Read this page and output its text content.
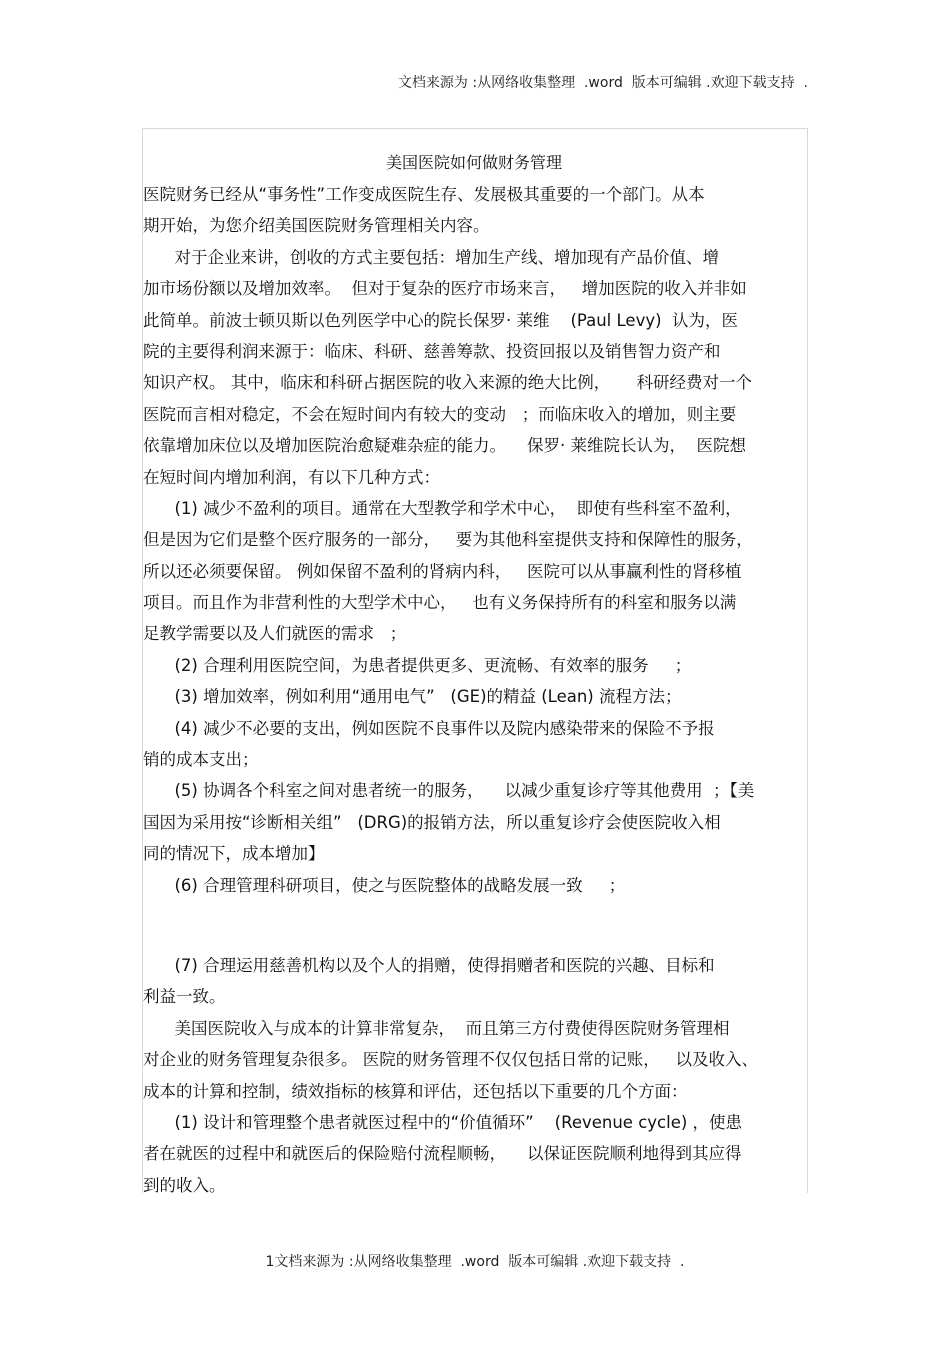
文档来源为 :从网络收集整理  .word  版本可编辑 .欢迎下载支持  .
美国医院如何做财务管理
医院财务已经从“事务性”工作变成医院生存、发展极其重要的一个部门。从本
期开始，为您介绍美国医院财务管理相关内容。
对于企业来讲，创收的方式主要包括：增加生产线、增加现有产品价值、增
加市场份额以及增加效率。  但对于复杂的医疗市场来言，   增加医院的收入并非如
此简单。前波士顿贝斯以色列医学中心的院长保罗· 莱维    (Paul Levy)  认为，医
院的主要得利润来源于：临床、科研、慈善筹款、投资回报以及销售智力资产和
知识产权。 其中，临床和科研占据医院的收入来源的绝大比例，     科研经费对一个
医院而言相对稳定，不会在短时间内有较大的变动   ；而临床收入的增加，则主要
依靠增加床位以及增加医院治愈疑难杂症的能力。    保罗· 莱维院长认为，  医院想
在短时间内增加利润，有以下几种方式：
(1) 减少不盈利的项目。通常在大型教学和学术中心，  即使有些科室不盈利，
但是因为它们是整个医疗服务的一部分，   要为其他科室提供支持和保障性的服务，
所以还必须要保留。 例如保留不盈利的肾病内科，   医院可以从事赢利性的肾移植
项目。而且作为非营利性的大型学术中心，   也有义务保持所有的科室和服务以满
足教学需要以及人们就医的需求   ；
(2) 合理利用医院空间，为患者提供更多、更流畅、有效率的服务     ；
(3) 增加效率，例如利用“通用电气”   (GE)的精益 (Lean) 流程方法；
(4) 减少不必要的支出，例如医院不良事件以及院内感染带来的保险不予报
销的成本支出；
(5) 协调各个科室之间对患者统一的服务，    以减少重复诊疗等其他费用  ；【美
国因为采用按“诊断相关组”   (DRG)的报销方法，所以重复诊疗会使医院收入相
同的情况下，成本增加】
(6) 合理管理科研项目，使之与医院整体的战略发展一致     ；
(7) 合理运用慈善机构以及个人的捐赠，使得捐赠者和医院的兴趣、目标和
利益一致。
美国医院收入与成本的计算非常复杂，  而且第三方付费使得医院财务管理相
对企业的财务管理复杂很多。 医院的财务管理不仅仅包括日常的记账，   以及收入、
成本的计算和控制，绩效指标的核算和评估，还包括以下重要的几个方面：
(1) 设计和管理整个患者就医过程中的“价值循环”    (Revenue cycle) ，使患
者在就医的过程中和就医后的保险赔付流程顺畅，    以保证医院顺利地得到其应得
到的收入。
1文档来源为 :从网络收集整理  .word  版本可编辑 .欢迎下载支持  .
